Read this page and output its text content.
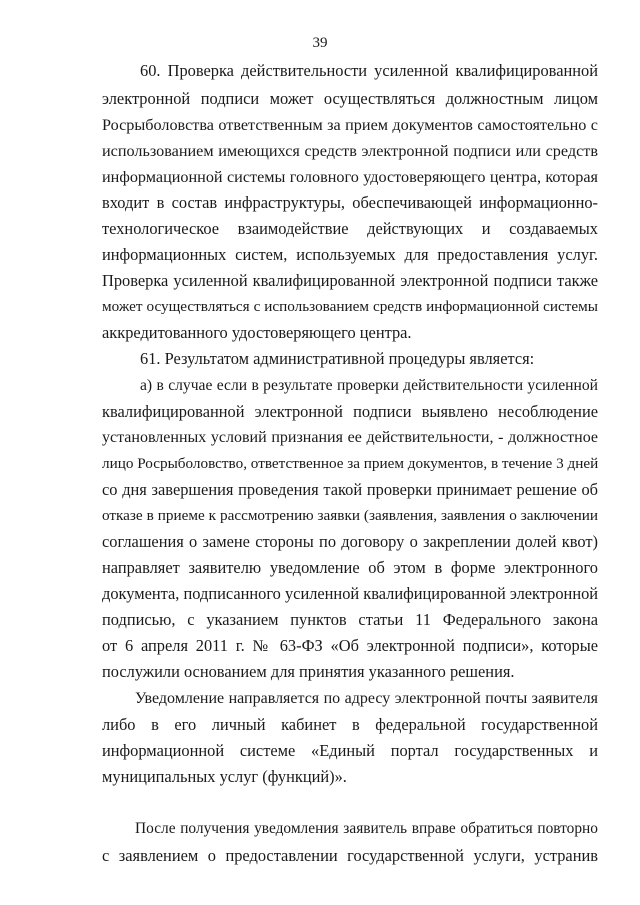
39
60. Проверка действительности усиленной квалифицированной
электронной подписи может осуществляться должностным лицом
Росрыболовства ответственным за прием документов самостоятельно с
использованием имеющихся средств электронной подписи или средств
информационной системы головного удостоверяющего центра, которая
входит в состав инфраструктуры, обеспечивающей информационно-
технологическое взаимодействие действующих и создаваемых
информационных систем, используемых для предоставления услуг.
Проверка усиленной квалифицированной электронной подписи также
может осуществляться с использованием средств информационной системы
аккредитованного удостоверяющего центра.
61. Результатом административной процедуры является:
а) в случае если в результате проверки действительности усиленной
квалифицированной электронной подписи выявлено несоблюдение
установленных условий признания ее действительности, - должностное
лицо Росрыболовство, ответственное за прием документов, в течение 3 дней
со дня завершения проведения такой проверки принимает решение об
отказе в приеме к рассмотрению заявки (заявления, заявления о заключении
соглашения о замене стороны по договору о закреплении долей квот)
направляет заявителю уведомление об этом в форме электронного
документа, подписанного усиленной квалифицированной электронной
подписью, с указанием пунктов статьи 11 Федерального закона
от 6 апреля 2011 г. № 63-ФЗ «Об электронной подписи», которые
послужили основанием для принятия указанного решения.
Уведомление направляется по адресу электронной почты заявителя
либо в его личный кабинет в федеральной государственной
информационной системе «Единый портал государственных и
муниципальных услуг (функций)».
После получения уведомления заявитель вправе обратиться повторно
с заявлением о предоставлении государственной услуги, устранив
